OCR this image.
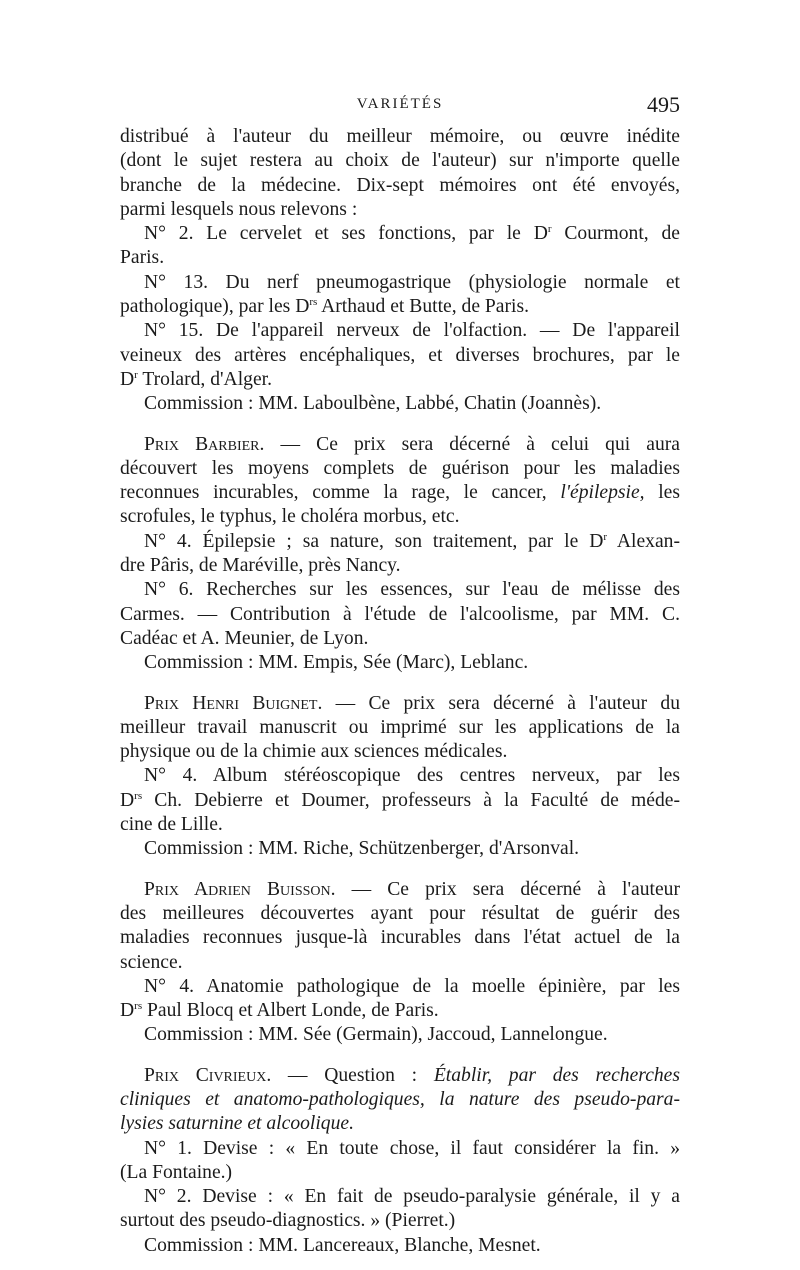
VARIÉTÉS	495
distribué à l'auteur du meilleur mémoire, ou œuvre inédite
(dont le sujet restera au choix de l'auteur) sur n'importe quelle
branche de la médecine. Dix-sept mémoires ont été envoyés,
parmi lesquels nous relevons :
N° 2. Le cervelet et ses fonctions, par le $D^r$ Courmont, de
Paris.
N° 13. Du nerf pneumogastrique (physiologie normale et
pathologique), par les $D^{rs}$ Arthaud et Butte, de Paris.
N° 15. De l'appareil nerveux de l'olfaction. — De l'appareil
veineux des artères encéphaliques, et diverses brochures, par le
$D^r$ Trolard, d'Alger.
Commission : MM. Laboulbène, Labbé, Chatin (Joannès).
Prix Barbier. — Ce prix sera décerné à celui qui aura
découvert les moyens complets de guérison pour les maladies
reconnues incurables, comme la rage, le cancer, l'épilepsie, les
scrofules, le typhus, le choléra morbus, etc.
N° 4. Épilepsie ; sa nature, son traitement, par le $D^r$ Alexan-
dre Pâris, de Maréville, près Nancy.
N° 6. Recherches sur les essences, sur l'eau de mélisse des
Carmes. — Contribution à l'étude de l'alcoolisme, par MM. C.
Cadéac et A. Meunier, de Lyon.
Commission : MM. Empis, Sée (Marc), Leblanc.
Prix Henri Buignet. — Ce prix sera décerné à l'auteur du
meilleur travail manuscrit ou imprimé sur les applications de la
physique ou de la chimie aux sciences médicales.
N° 4. Album stéréoscopique des centres nerveux, par les
$D^{rs}$ Ch. Debierre et Doumer, professeurs à la Faculté de méde-
cine de Lille.
Commission : MM. Riche, Schützenberger, d'Arsonval.
Prix Adrien Buisson. — Ce prix sera décerné à l'auteur
des meilleures découvertes ayant pour résultat de guérir des
maladies reconnues jusque-là incurables dans l'état actuel de la
science.
N° 4. Anatomie pathologique de la moelle épinière, par les
$D^{rs}$ Paul Blocq et Albert Londe, de Paris.
Commission : MM. Sée (Germain), Jaccoud, Lannelongue.
Prix Civrieux. — Question : Établir, par des recherches
cliniques et anatomo-pathologiques, la nature des pseudo-para-
lysies saturnine et alcoolique.
N° 1. Devise : « En toute chose, il faut considérer la fin. »
(La Fontaine.)
N° 2. Devise : « En fait de pseudo-paralysie générale, il y a
surtout des pseudo-diagnostics. » (Pierret.)
Commission : MM. Lancereaux, Blanche, Mesnet.
